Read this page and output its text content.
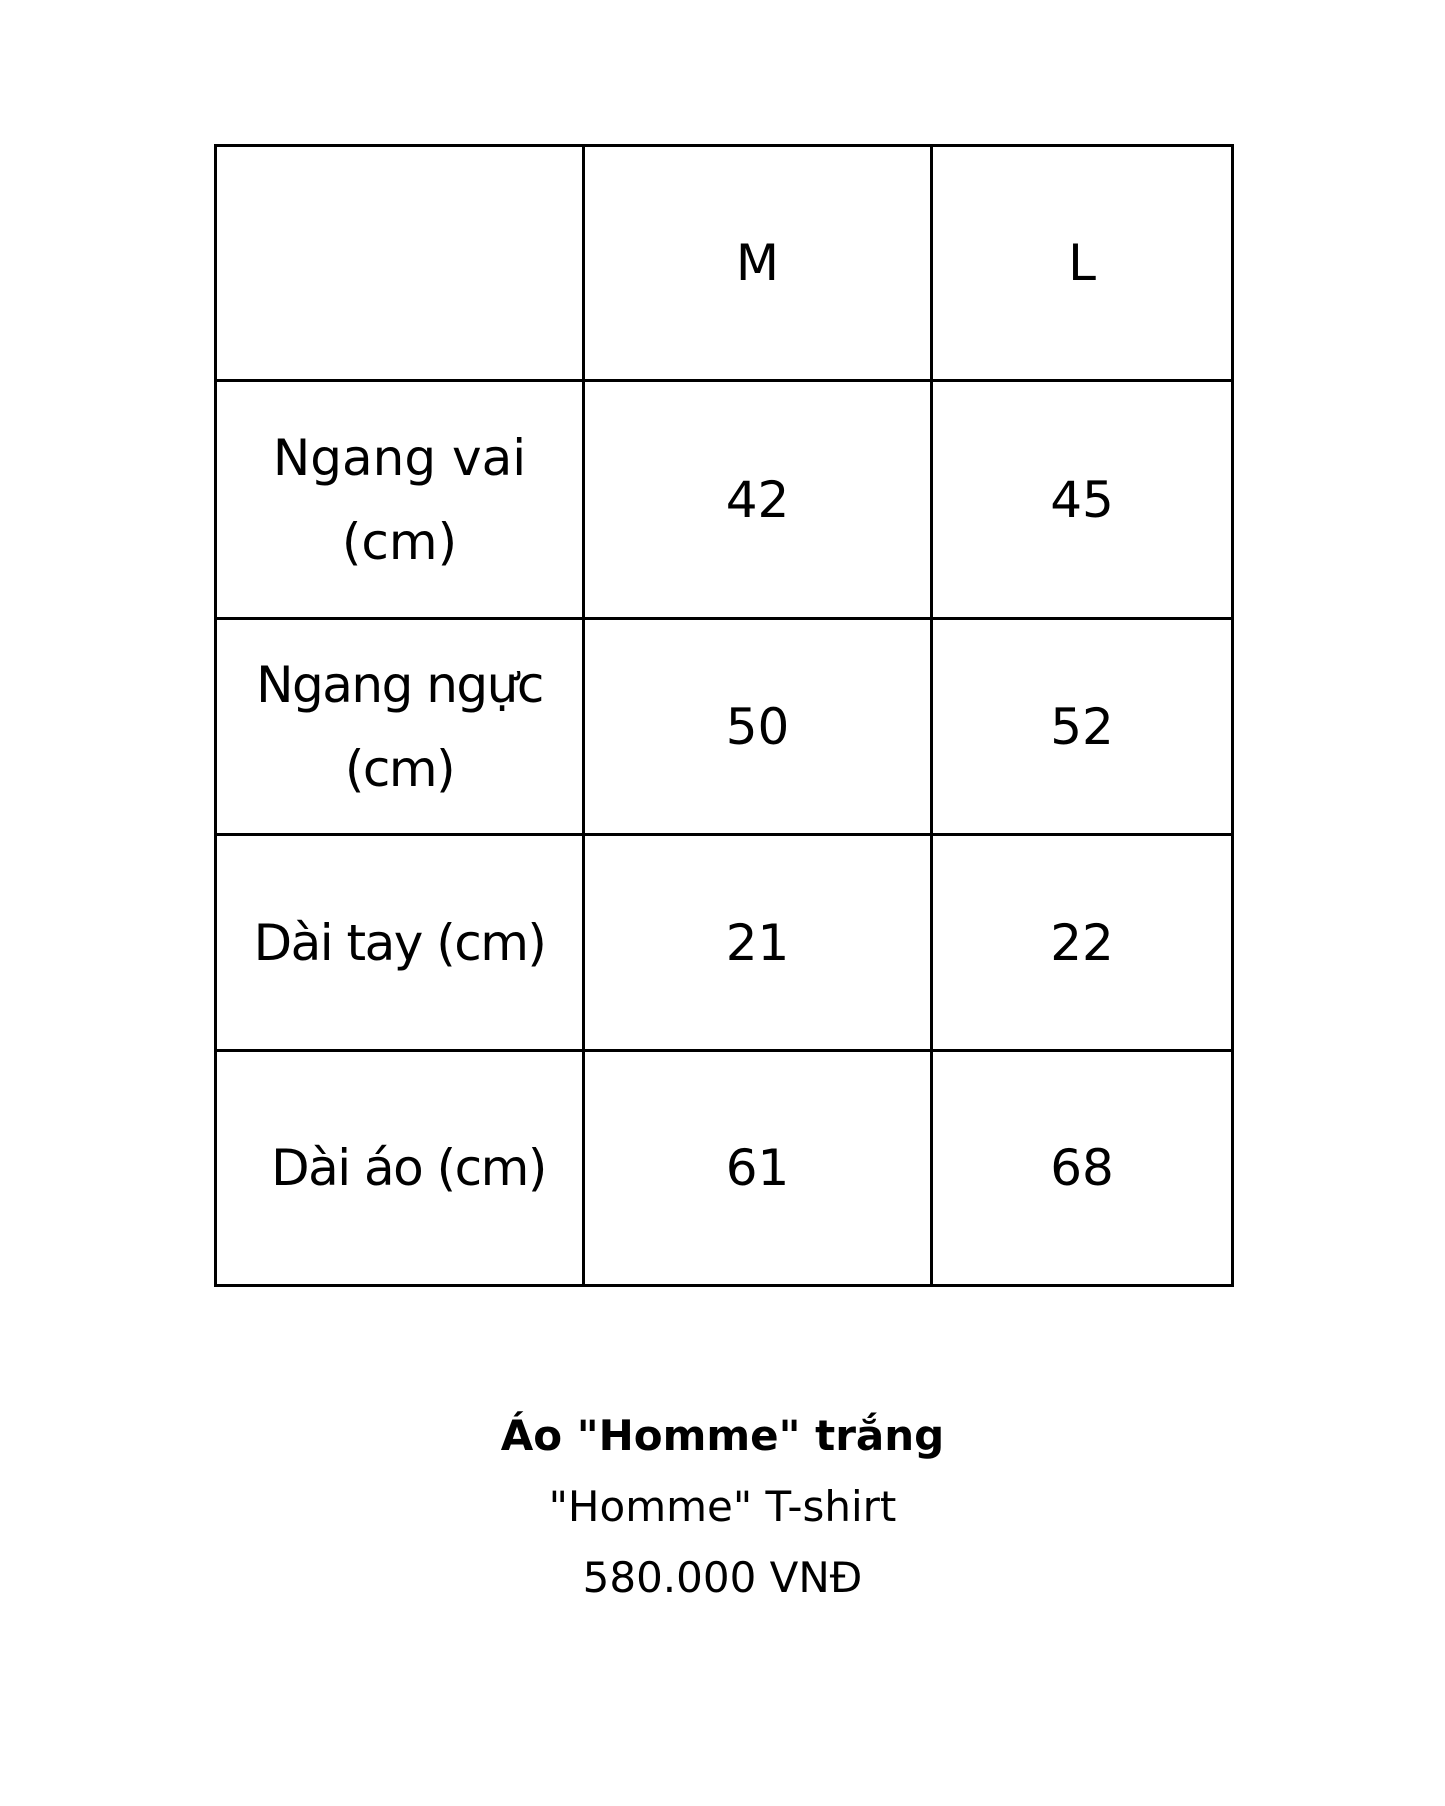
	M	L
Ngang vai (cm)	42	45
Ngang ngực (cm)	50	52
Dài tay (cm)	21	22
Dài áo (cm)	61	68
Áo "Homme" trắng
"Homme" T-shirt
580.000 VNĐ
